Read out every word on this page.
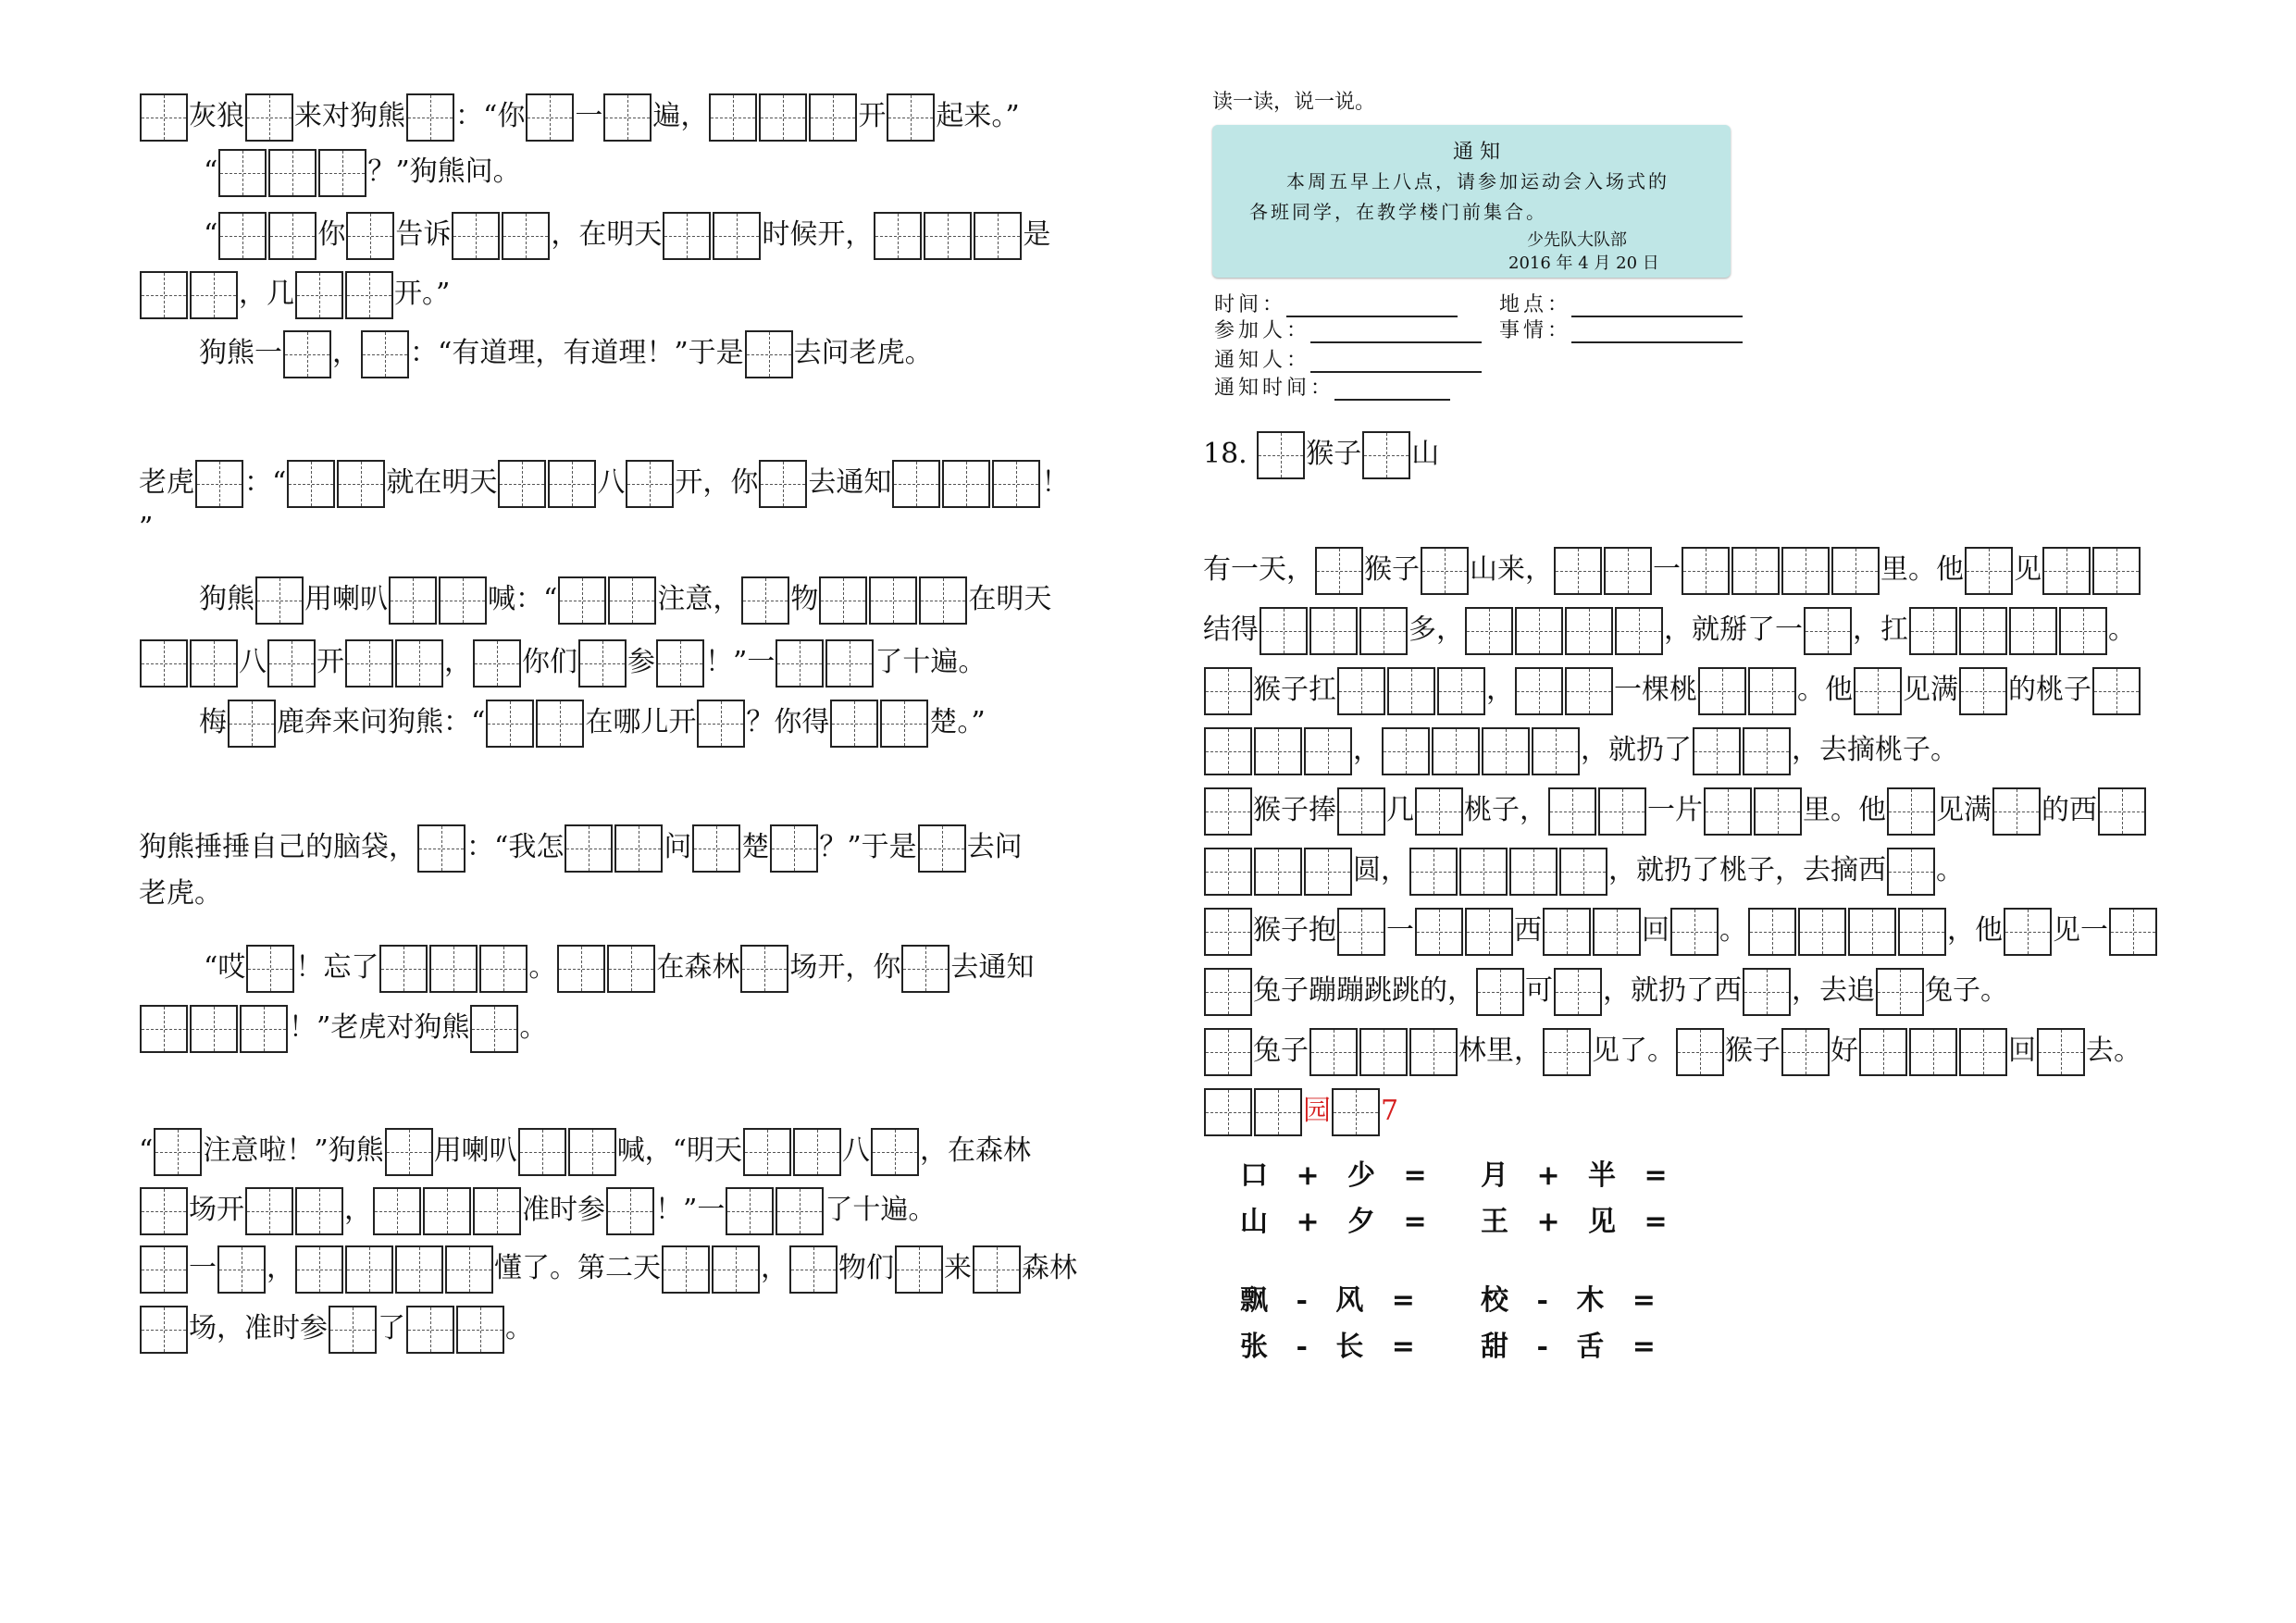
灰狼 来对狗熊 ：“你 一 遍，	开 起来。”
“	？”狗熊问。
“	你 告诉	，在明天	时候开，	是
，几	开。”
狗熊一 ， ：“有道理，有道理！”于是 去问老虎。
老虎 ：“	就在明天	八 开，你 去通知	！
”
狗熊 用喇叭	喊：“	注意， 物	在明天
八 开	， 你们 参 ！”一	了十遍。
梅 鹿奔来问狗熊：“	在哪儿开 ？你得	楚。”
狗熊捶捶自己的脑袋， ：“我怎	问 楚 ？”于是 去问
老虎。
“哎 ！忘了	。	在森林 场开，你 去通知
！”老虎对狗熊 。
“ 注意啦！”狗熊 用喇叭	喊，“明天	八 ，在森林
场开	，	准时参 ！”一	了十遍。
一 ，	懂了。第二天	， 物们 来 森林
场，准时参 了	。
读一读，说一说。
通 知
本周五早上八点，请参加运动会入场式的
各班同学，在教学楼门前集合。
少先队大队部
2016 年 4 月 20 日
时间：	地点：
参加人：	事情：
通知人：
通知时间：
18. 猴子 山
有一天， 猴子 山来，	一	里。他 见
结得	多，	，就掰了一 ，扛	。
猴子扛	，	一棵桃	。他 见满 的桃子
，	，就扔了	，去摘桃子。
猴子捧 几 桃子，	一片	里。他 见满 的西
圆，	，就扔了桃子，去摘西 。
猴子抱 一	西	回 。	，他 见一
兔子蹦蹦跳跳的， 可 ，就扔了西 ，去追 兔子。
兔子	林里， 见了。 猴子 好	回 去。
园 7
口 + 少 = 月 + 半 =
山 + 夕 = 王 + 见 =
飘 - 风 = 校 - 木 =
张 - 长 = 甜 - 舌 =
